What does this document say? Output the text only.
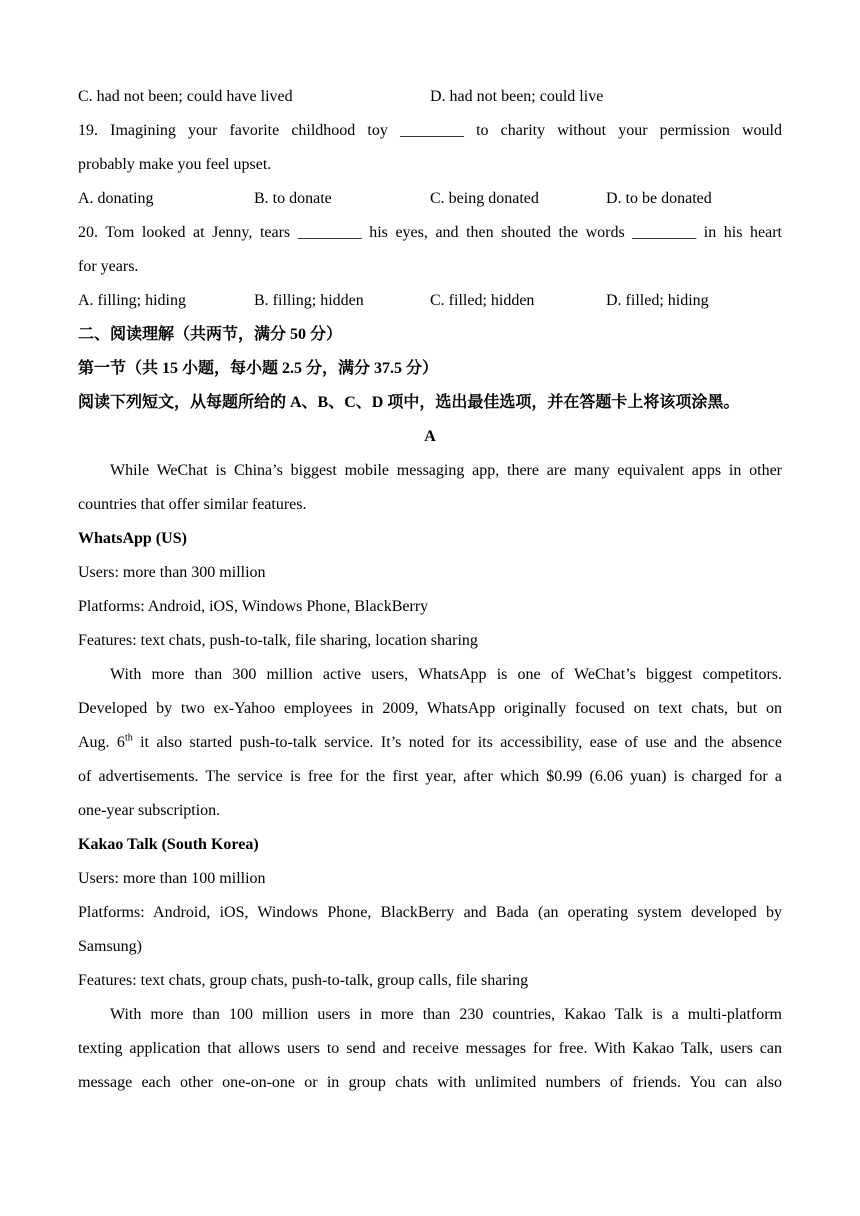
C. had not been; could have lived	D. had not been; could live
19. Imagining your favorite childhood toy ________ to charity without your permission would
probably make you feel upset.
A. donating	B. to donate	C. being donated	D. to be donated
20. Tom looked at Jenny, tears ________ his eyes, and then shouted the words ________ in his heart
for years.
A. filling; hiding	B. filling; hidden	C. filled; hidden	D. filled; hiding
二、阅读理解（共两节，满分 50 分）
第一节（共 15 小题，每小题 2.5 分，满分 37.5 分）
阅读下列短文，从每题所给的 A、B、C、D 项中，选出最佳选项，并在答题卡上将该项涂黑。
A
While WeChat is China’s biggest mobile messaging app, there are many equivalent apps in other
countries that offer similar features.
WhatsApp (US)
Users: more than 300 million
Platforms: Android, iOS, Windows Phone, BlackBerry
Features: text chats, push-to-talk, file sharing, location sharing
With more than 300 million active users, WhatsApp is one of WeChat’s biggest competitors.
Developed by two ex-Yahoo employees in 2009, WhatsApp originally focused on text chats, but on
Aug. 6th it also started push-to-talk service. It’s noted for its accessibility, ease of use and the absence
of advertisements. The service is free for the first year, after which $0.99 (6.06 yuan) is charged for a
one-year subscription.
Kakao Talk (South Korea)
Users: more than 100 million
Platforms: Android, iOS, Windows Phone, BlackBerry and Bada (an operating system developed by
Samsung)
Features: text chats, group chats, push-to-talk, group calls, file sharing
With more than 100 million users in more than 230 countries, Kakao Talk is a multi-platform
texting application that allows users to send and receive messages for free. With Kakao Talk, users can
message each other one-on-one or in group chats with unlimited numbers of friends. You can also
